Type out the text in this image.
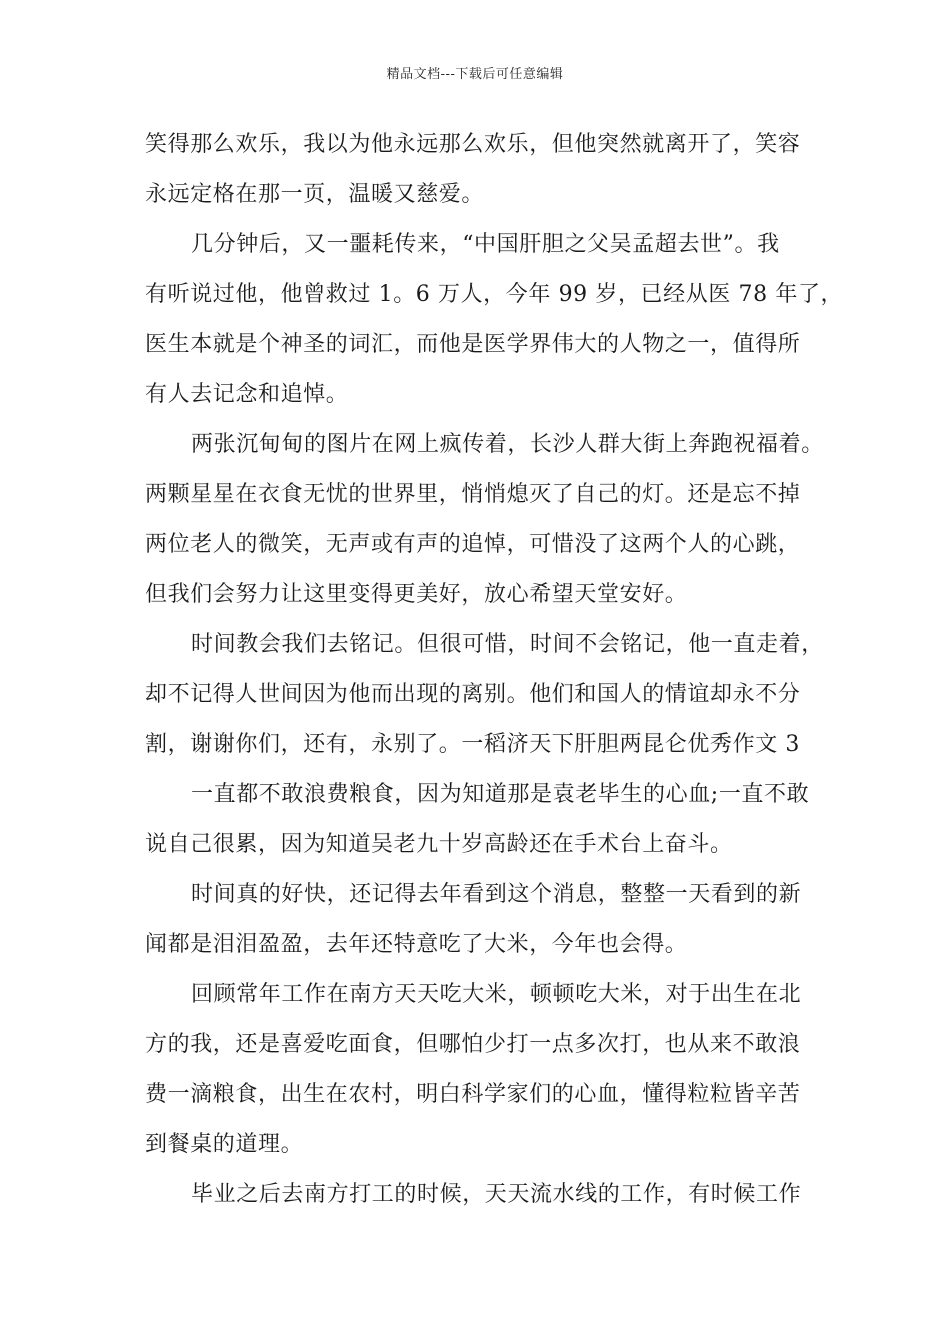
精品文档---下载后可任意编辑
笑得那么欢乐，我以为他永远那么欢乐，但他突然就离开了，笑容
永远定格在那一页，温暖又慈爱。
几分钟后，又一噩耗传来，“中国肝胆之父吴孟超去世”。我
有听说过他，他曾救过 1。6 万人，今年 99 岁，已经从医 78 年了，
医生本就是个神圣的词汇，而他是医学界伟大的人物之一，值得所
有人去记念和追悼。
两张沉甸甸的图片在网上疯传着，长沙人群大街上奔跑祝福着。
两颗星星在衣食无忧的世界里，悄悄熄灭了自己的灯。还是忘不掉
两位老人的微笑，无声或有声的追悼，可惜没了这两个人的心跳，
但我们会努力让这里变得更美好，放心希望天堂安好。
时间教会我们去铭记。但很可惜，时间不会铭记，他一直走着，
却不记得人世间因为他而出现的离别。他们和国人的情谊却永不分
割，谢谢你们，还有，永别了。一稻济天下肝胆两昆仑优秀作文 3
一直都不敢浪费粮食，因为知道那是袁老毕生的心血;一直不敢
说自己很累，因为知道吴老九十岁高龄还在手术台上奋斗。
时间真的好快，还记得去年看到这个消息，整整一天看到的新
闻都是泪泪盈盈，去年还特意吃了大米，今年也会得。
回顾常年工作在南方天天吃大米，顿顿吃大米，对于出生在北
方的我，还是喜爱吃面食，但哪怕少打一点多次打，也从来不敢浪
费一滴粮食，出生在农村，明白科学家们的心血，懂得粒粒皆辛苦
到餐桌的道理。
毕业之后去南方打工的时候，天天流水线的工作，有时候工作
